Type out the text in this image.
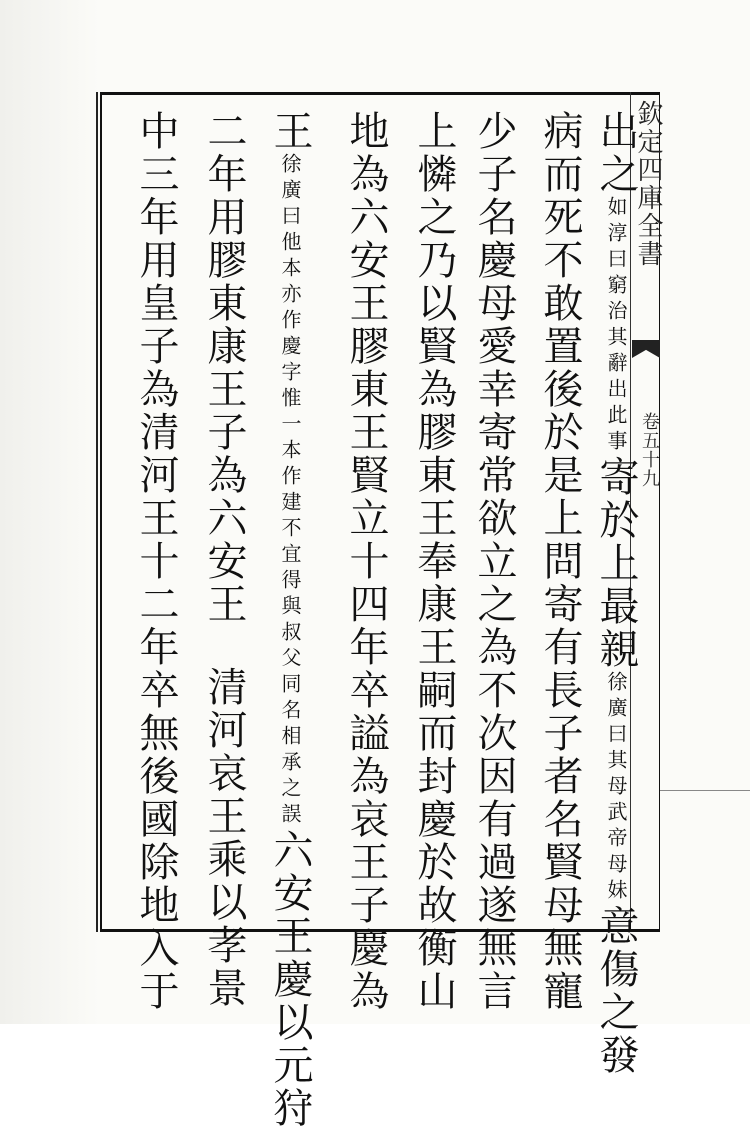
欽定四庫全書
卷五十九
出之如淳曰窮治其辭出此事寄於上最親徐廣曰其母武帝母妹意傷之發
病而死不敢置後於是上問寄有長子者名賢母無寵
少子名慶母愛幸寄常欲立之為不次因有過遂無言
上憐之乃以賢為膠東王奉康王嗣而封慶於故衡山
地為六安王膠東王賢立十四年卒謚為哀王子慶為
王徐廣曰他本亦作慶字惟一本作建不宜得與叔父同名相承之誤六安王慶以元狩
二年用膠東康王子為六安王清河哀王乘以孝景
中三年用皇子為清河王十二年卒無後國除地入于
